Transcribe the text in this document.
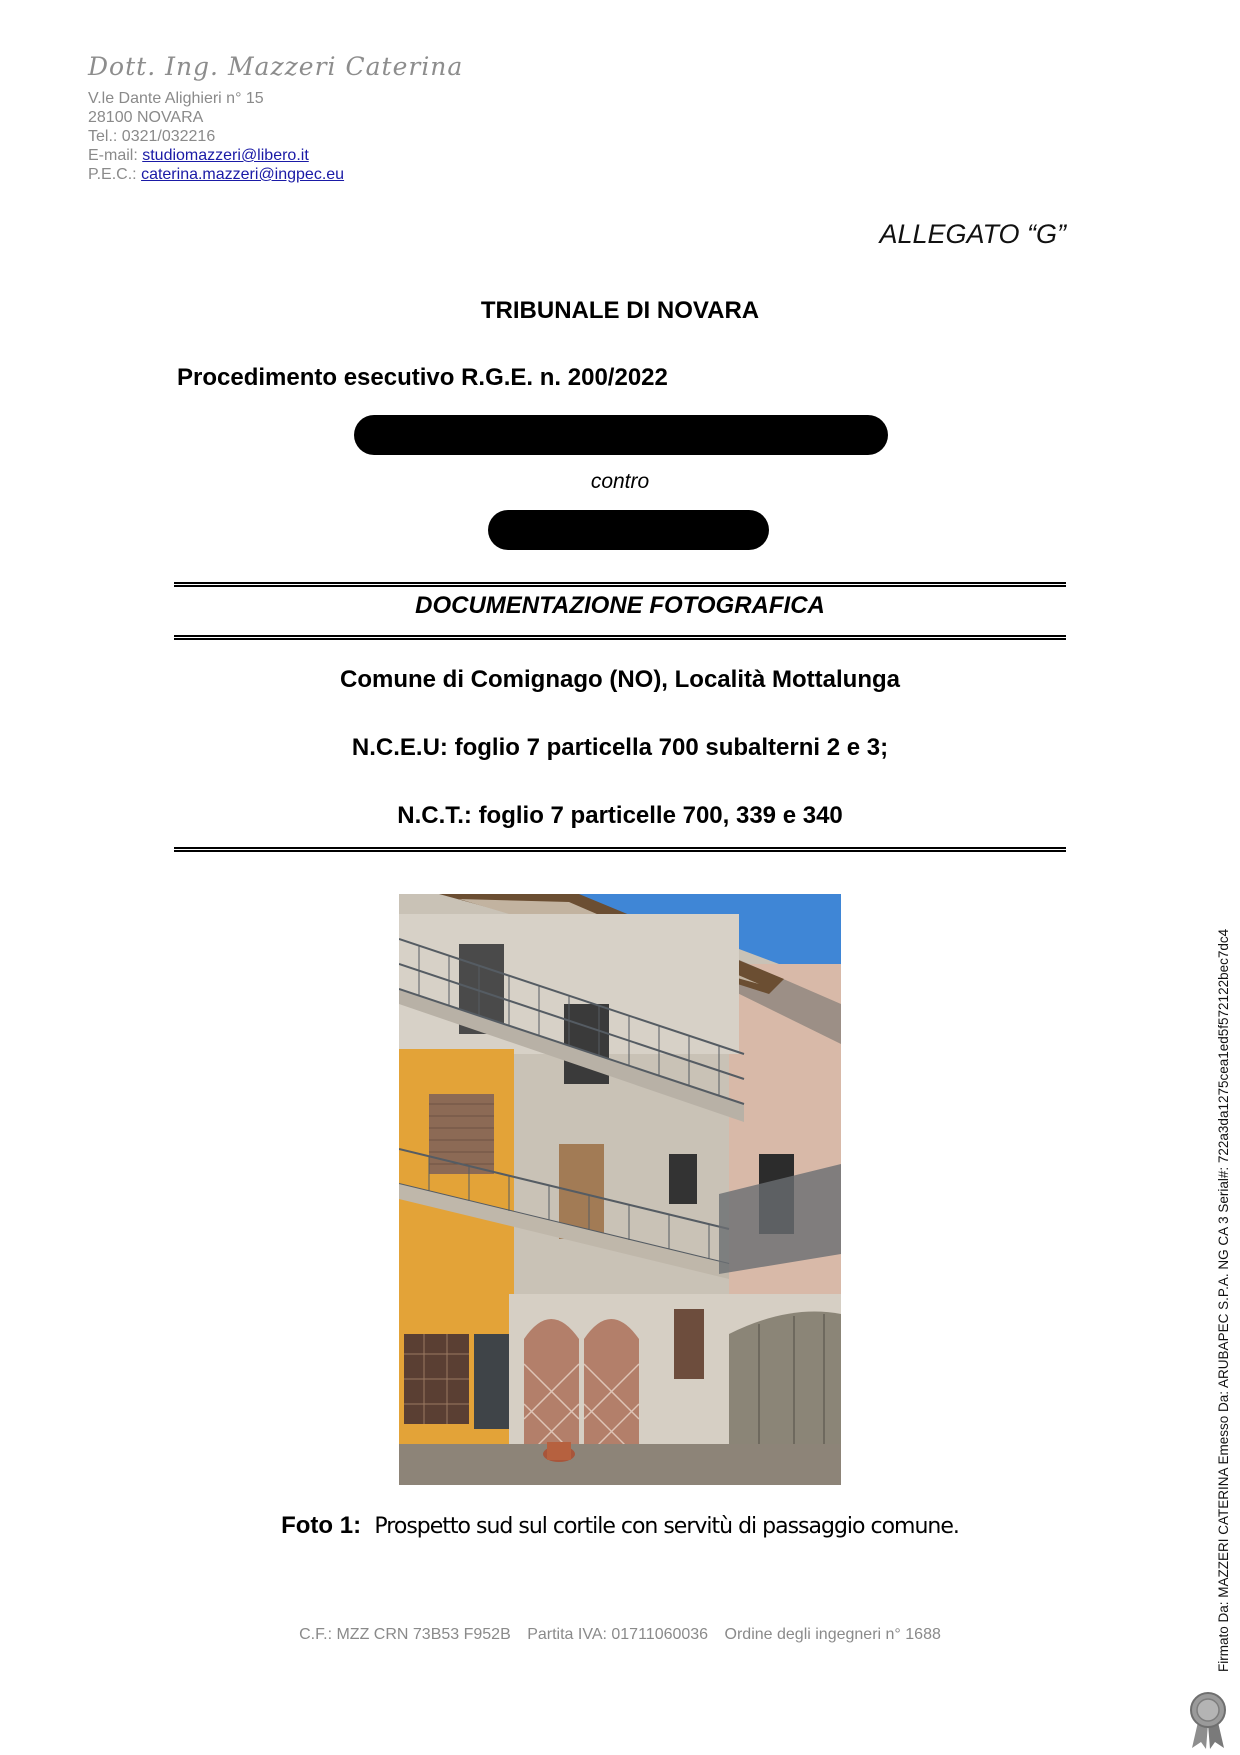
Dott. Ing. Mazzeri Caterina
V.le Dante Alighieri n° 15
28100 NOVARA
Tel.: 0321/032216
E-mail: studiomazzeri@libero.it
P.E.C.: caterina.mazzeri@ingpec.eu
ALLEGATO “G”
TRIBUNALE DI NOVARA
Procedimento esecutivo R.G.E. n. 200/2022
contro
DOCUMENTAZIONE FOTOGRAFICA
Comune di Comignago (NO), Località Mottalunga
N.C.E.U: foglio 7 particella 700 subalterni 2 e 3;
N.C.T.: foglio 7 particelle 700, 339 e 340
Foto 1: Prospetto sud sul cortile con servitù di passaggio comune.
C.F.: MZZ CRN 73B53 F952B Partita IVA: 01711060036 Ordine degli ingegneri n° 1688	Firmato Da: MAZZERI CATERINA Emesso Da: ARUBAPEC S.P.A. NG CA 3 Serial#: 722a3da1275cea1ed5f572122bec7dc4
